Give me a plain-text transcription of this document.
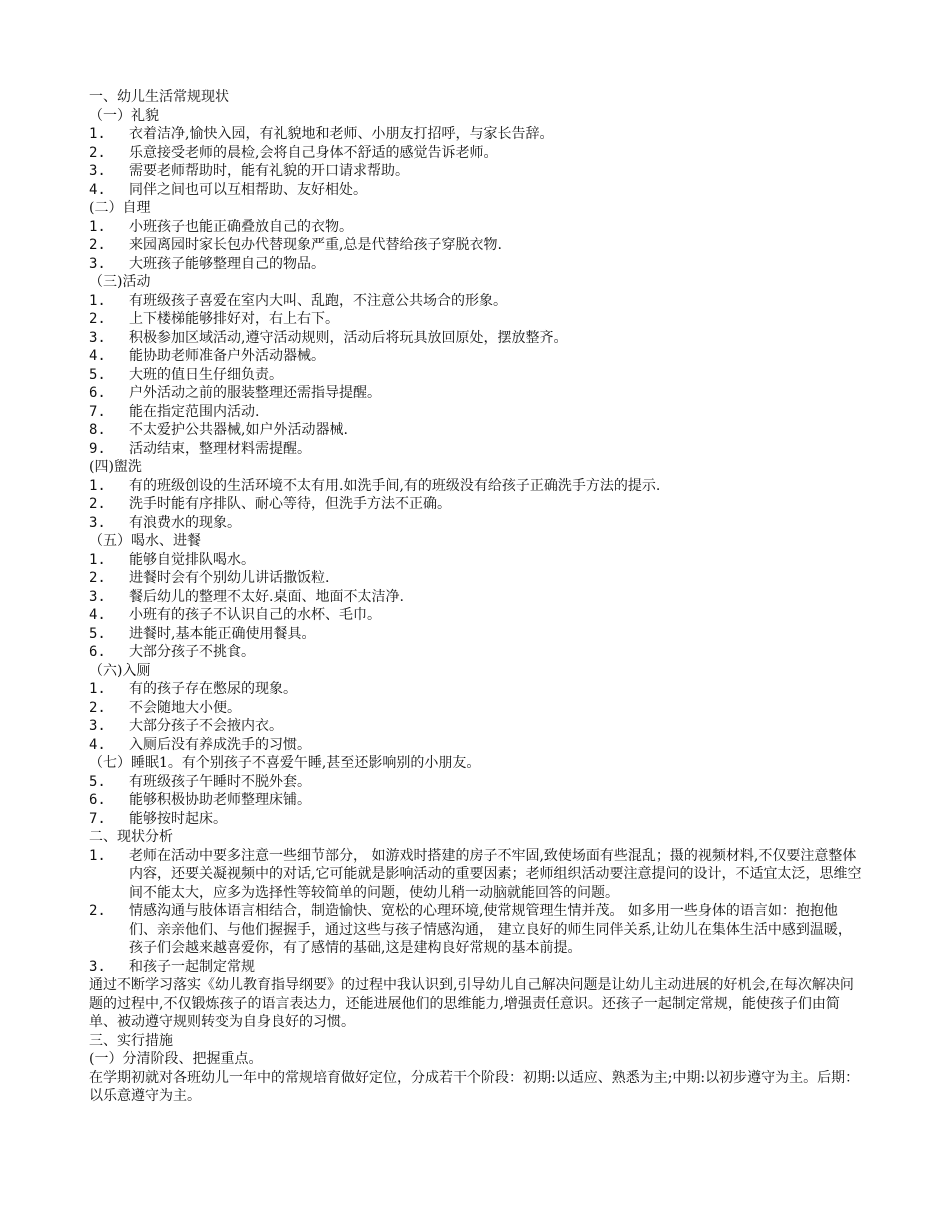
一、幼儿生活常规现状
（一）礼貌
1.	衣着洁净,愉快入园，有礼貌地和老师、小朋友打招呼，与家长告辞。
2.	乐意接受老师的晨检,会将自己身体不舒适的感觉告诉老师。
3.	需要老师帮助时，能有礼貌的开口请求帮助。
4.	同伴之间也可以互相帮助、友好相处。
(二）自理
1.	小班孩子也能正确叠放自己的衣物。
2.	来园离园时家长包办代替现象严重,总是代替给孩子穿脱衣物.
3.	大班孩子能够整理自己的物品。
（三)活动
1.	有班级孩子喜爱在室内大叫、乱跑，不注意公共场合的形象。
2.	上下楼梯能够排好对，右上右下。
3.	积极参加区域活动,遵守活动规则，活动后将玩具放回原处，摆放整齐。
4.	能协助老师准备户外活动器械。
5.	大班的值日生仔细负责。
6.	户外活动之前的服装整理还需指导提醒。
7.	能在指定范围内活动.
8.	不太爱护公共器械,如户外活动器械.
9.	活动结束，整理材料需提醒。
(四)盥洗
1.	有的班级创设的生活环境不太有用.如洗手间,有的班级没有给孩子正确洗手方法的提示.
2.	洗手时能有序排队、耐心等待，但洗手方法不正确。
3.	有浪费水的现象。
（五）喝水、进餐
1.	能够自觉排队喝水。
2.	进餐时会有个别幼儿讲话撒饭粒.
3.	餐后幼儿的整理不太好.桌面、地面不太洁净.
4.	小班有的孩子不认识自己的水杯、毛巾。
5.	进餐时,基本能正确使用餐具。
6.	大部分孩子不挑食。
（六)入厕
1.	有的孩子存在憋尿的现象。
2.	不会随地大小便。
3.	大部分孩子不会掖内衣。
4.	入厕后没有养成洗手的习惯。
（七）睡眠1。有个别孩子不喜爱午睡,甚至还影响别的小朋友。
5.	有班级孩子午睡时不脱外套。
6.	能够积极协助老师整理床铺。
7.	能够按时起床。
二、现状分析
1.	老师在活动中要多注意一些细节部分， 如游戏时搭建的房子不牢固,致使场面有些混乱；摄的视频材料,不仅要注意整体内容，还要关凝视频中的对话,它可能就是影响活动的重要因素；老师组织活动要注意提问的设计，不适宜太泛，思维空间不能太大，应多为选择性等较简单的问题，使幼儿稍一动脑就能回答的问题。
2.	情感沟通与肢体语言相结合，制造愉快、宽松的心理环境,使常规管理生情并茂。 如多用一些身体的语言如：抱抱他们、亲亲他们、与他们握握手，通过这些与孩子情感沟通， 建立良好的师生同伴关系,让幼儿在集体生活中感到温暖，孩子们会越来越喜爱你，有了感情的基础,这是建构良好常规的基本前提。
3.	和孩子一起制定常规
通过不断学习落实《幼儿教育指导纲要》的过程中我认识到,引导幼儿自己解决问题是让幼儿主动进展的好机会,在每次解决问题的过程中,不仅锻炼孩子的语言表达力，还能进展他们的思维能力,增强责任意识。还孩子一起制定常规，能使孩子们由简单、被动遵守规则转变为自身良好的习惯。
三、实行措施
(一）分清阶段、把握重点。
在学期初就对各班幼儿一年中的常规培育做好定位，分成若干个阶段：初期:以适应、熟悉为主;中期:以初步遵守为主。后期：以乐意遵守为主。
